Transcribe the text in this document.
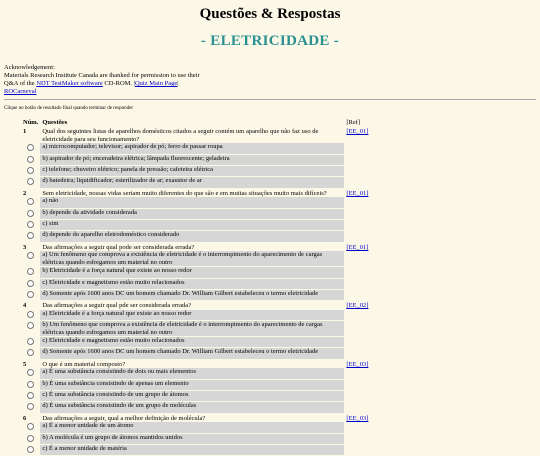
Questões & Respostas
- ELETRICIDADE -
Acknowledgement:
Materials Research Institute Canada are thanked for permission to use their
Q&A of the NDT TestMaker software CD-ROM. |Quiz Main Page|
ROCarneval
Clique no botão de resultado final quando terminar de responder
Núm.	Questões	[Ref]
1	Qual dos seguintes listas de aparelhos domésticos citados a seguir contém um aparelho que não faz uso de eletricidade para seu funcionamento?	[EE_01]
	a) microcomputador; televisor; aspirador de pó; ferro de passar roupa	
	b) aspirador de pó; enceradeira elétrica; lâmpada fluorescente; geladeira	
	c) telefone; chuveiro elétrico; panela de pressão; cafeteira elétrica	
	d) batedeira; liquidificador; esterilizador de ar; exaustor de ar	
2	Sem eletricidade, nossas vidas seriam muito diferentes do que são e em muitas situações muito mais difíceis?	[EE_01]
	a) não	
	b) depende da atividade considerada	
	c) sim	
	d) depende do aparelho eletrodoméstico considerado	
3	Das afirmações a seguir qual pode ser considerada errada?	[EE_01]
	a) Um fenômeno que comprova a existência de eletricidade é o interrompimento do aparecimento de cargas elétricas quando esfregamos um material no outro	
	b) Eletricidade é a força natural que existe ao nosso redor	
	c) Eletricidade e magnetismo estão muito relacionados	
	d) Somente após 1600 anos DC um homem chamado Dr. William Gilbert estabeleceu o termo eletricidade	
4	Das afirmações a seguir qual pde ser considerada errada?	[EE_02]
	a) Eletricidade é a força natural que existe ao nosso redor	
	b) Um fenômeno que comprova a existência de eletricidade é o interrompimento do aparecimento de cargas elétricas quando esfregamos um material no outro	
	c) Eletricidade e magnetismo estão muito relacionados	
	d) Somente após 1600 anos DC um homem chamado Dr. William Gilbert estabeleceu o termo eletricidade	
5	O que é um material composto?	[EE_03]
	a) É uma substância consistindo de dois ou mais elementos	
	b) É uma substância consistindo de apenas um elemento	
	c) É uma substância consistindo de um grupo de átomos	
	d) É uma substância consistindo de um grupo de moléculas	
6	Das afirmações a seguir, qual a melhor definição de molécula?	[EE_03]
	a) É a menor unidade de um átomo	
	b) A molécula é um grupo de átomos mantidos unidos	
	c) É a menor unidade de matéria	
